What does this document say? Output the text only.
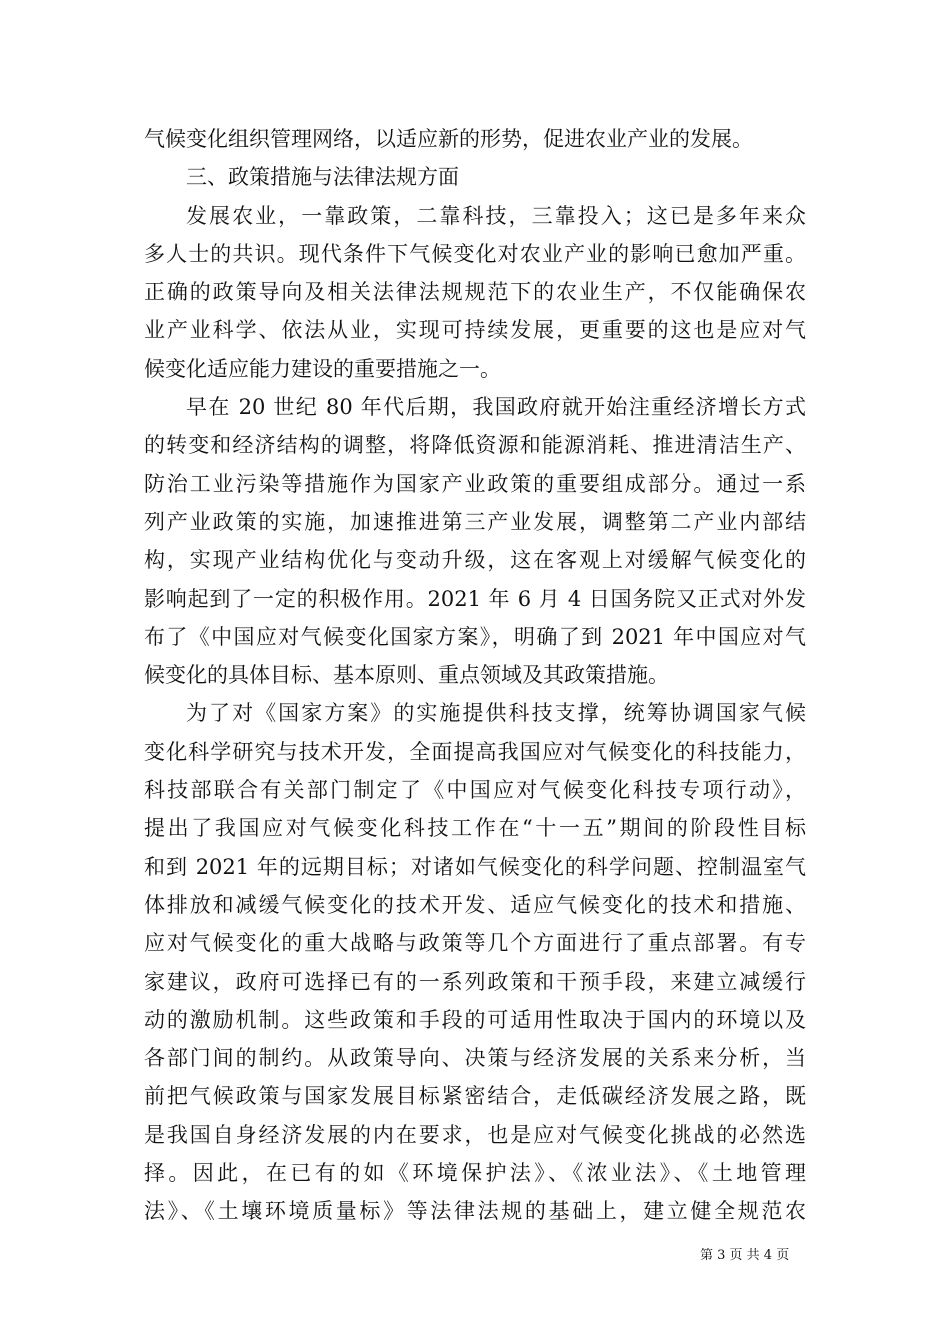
气候变化组织管理网络，以适应新的形势，促进农业产业的发展。
三、政策措施与法律法规方面
发展农业，一靠政策，二靠科技，三靠投入；这已是多年来众
多人士的共识。现代条件下气候变化对农业产业的影响已愈加严重。
正确的政策导向及相关法律法规规范下的农业生产，不仅能确保农
业产业科学、依法从业，实现可持续发展，更重要的这也是应对气
候变化适应能力建设的重要措施之一。
早在 20 世纪 80 年代后期，我国政府就开始注重经济增长方式
的转变和经济结构的调整，将降低资源和能源消耗、推进清洁生产、
防治工业污染等措施作为国家产业政策的重要组成部分。通过一系
列产业政策的实施，加速推进第三产业发展，调整第二产业内部结
构，实现产业结构优化与变动升级，这在客观上对缓解气候变化的
影响起到了一定的积极作用。2021 年 6 月 4 日国务院又正式对外发
布了《中国应对气候变化国家方案》，明确了到 2021 年中国应对气
候变化的具体目标、基本原则、重点领域及其政策措施。
为了对《国家方案》的实施提供科技支撑，统筹协调国家气候
变化科学研究与技术开发，全面提高我国应对气候变化的科技能力，
科技部联合有关部门制定了《中国应对气候变化科技专项行动》，
提出了我国应对气候变化科技工作在“十一五”期间的阶段性目标
和到 2021 年的远期目标；对诸如气候变化的科学问题、控制温室气
体排放和减缓气候变化的技术开发、适应气候变化的技术和措施、
应对气候变化的重大战略与政策等几个方面进行了重点部署。有专
家建议，政府可选择已有的一系列政策和干预手段，来建立减缓行
动的激励机制。这些政策和手段的可适用性取决于国内的环境以及
各部门间的制约。从政策导向、决策与经济发展的关系来分析，当
前把气候政策与国家发展目标紧密结合，走低碳经济发展之路，既
是我国自身经济发展的内在要求，也是应对气候变化挑战的必然选
择。因此，在已有的如《环境保护法》、《浓业法》、《土地管理
法》、《土壤环境质量标》等法律法规的基础上，建立健全规范农
第 3 页 共 4 页
